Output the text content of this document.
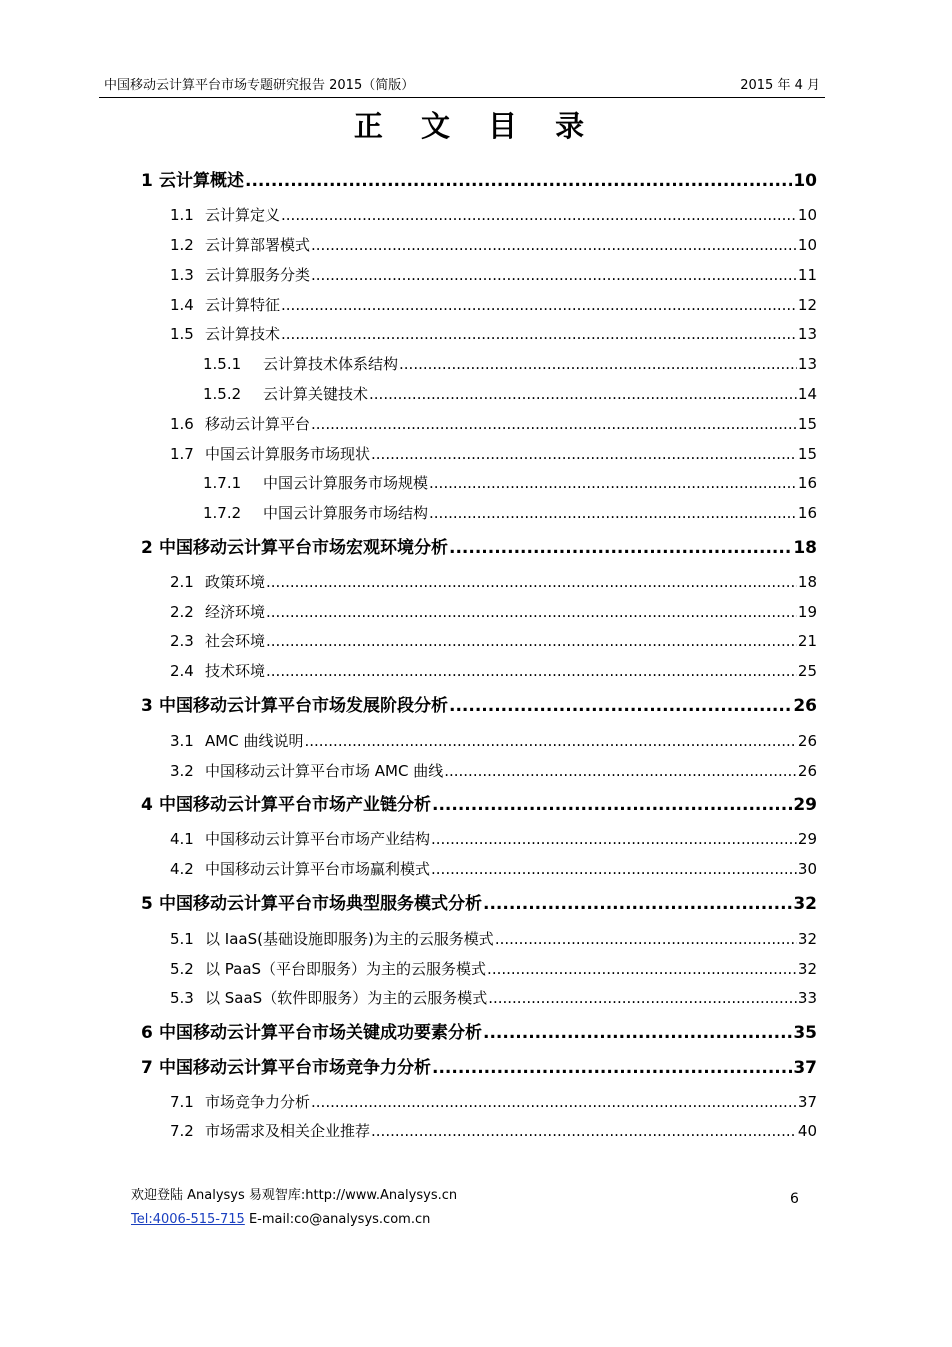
中国移动云计算平台市场专题研究报告 2015（简版）	2015 年 4 月
正 文 目 录
1 云计算概述 .....	10
1.1 云计算定义 .....	10
1.2 云计算部署模式 .....	10
1.3 云计算服务分类 .....	11
1.4 云计算特征 .....	12
1.5 云计算技术 .....	13
1.5.1	云计算技术体系结构 .....	13
1.5.2	云计算关键技术 .....	14
1.6 移动云计算平台 .....	15
1.7 中国云计算服务市场现状 .....	15
1.7.1	中国云计算服务市场规模 .....	16
1.7.2	中国云计算服务市场结构 .....	16
2 中国移动云计算平台市场宏观环境分析 .....	18
2.1 政策环境 .....	18
2.2 经济环境 .....	19
2.3 社会环境 .....	21
2.4 技术环境 .....	25
3 中国移动云计算平台市场发展阶段分析 .....	26
3.1 AMC 曲线说明 .....	26
3.2 中国移动云计算平台市场 AMC 曲线 .....	26
4 中国移动云计算平台市场产业链分析 .....	29
4.1 中国移动云计算平台市场产业结构 .....	29
4.2 中国移动云计算平台市场赢利模式 .....	30
5 中国移动云计算平台市场典型服务模式分析 .....	32
5.1 以 IaaS(基础设施即服务)为主的云服务模式 .....	32
5.2 以 PaaS（平台即服务）为主的云服务模式 .....	32
5.3 以 SaaS（软件即服务）为主的云服务模式 .....	33
6 中国移动云计算平台市场关键成功要素分析 .....	35
7 中国移动云计算平台市场竞争力分析 .....	37
7.1 市场竞争力分析 .....	37
7.2 市场需求及相关企业推荐 .....	40
欢迎登陆 Analysys 易观智库:http://www.Analysys.cn
Tel:4006-515-715 E-mail:co@analysys.com.cn
6
